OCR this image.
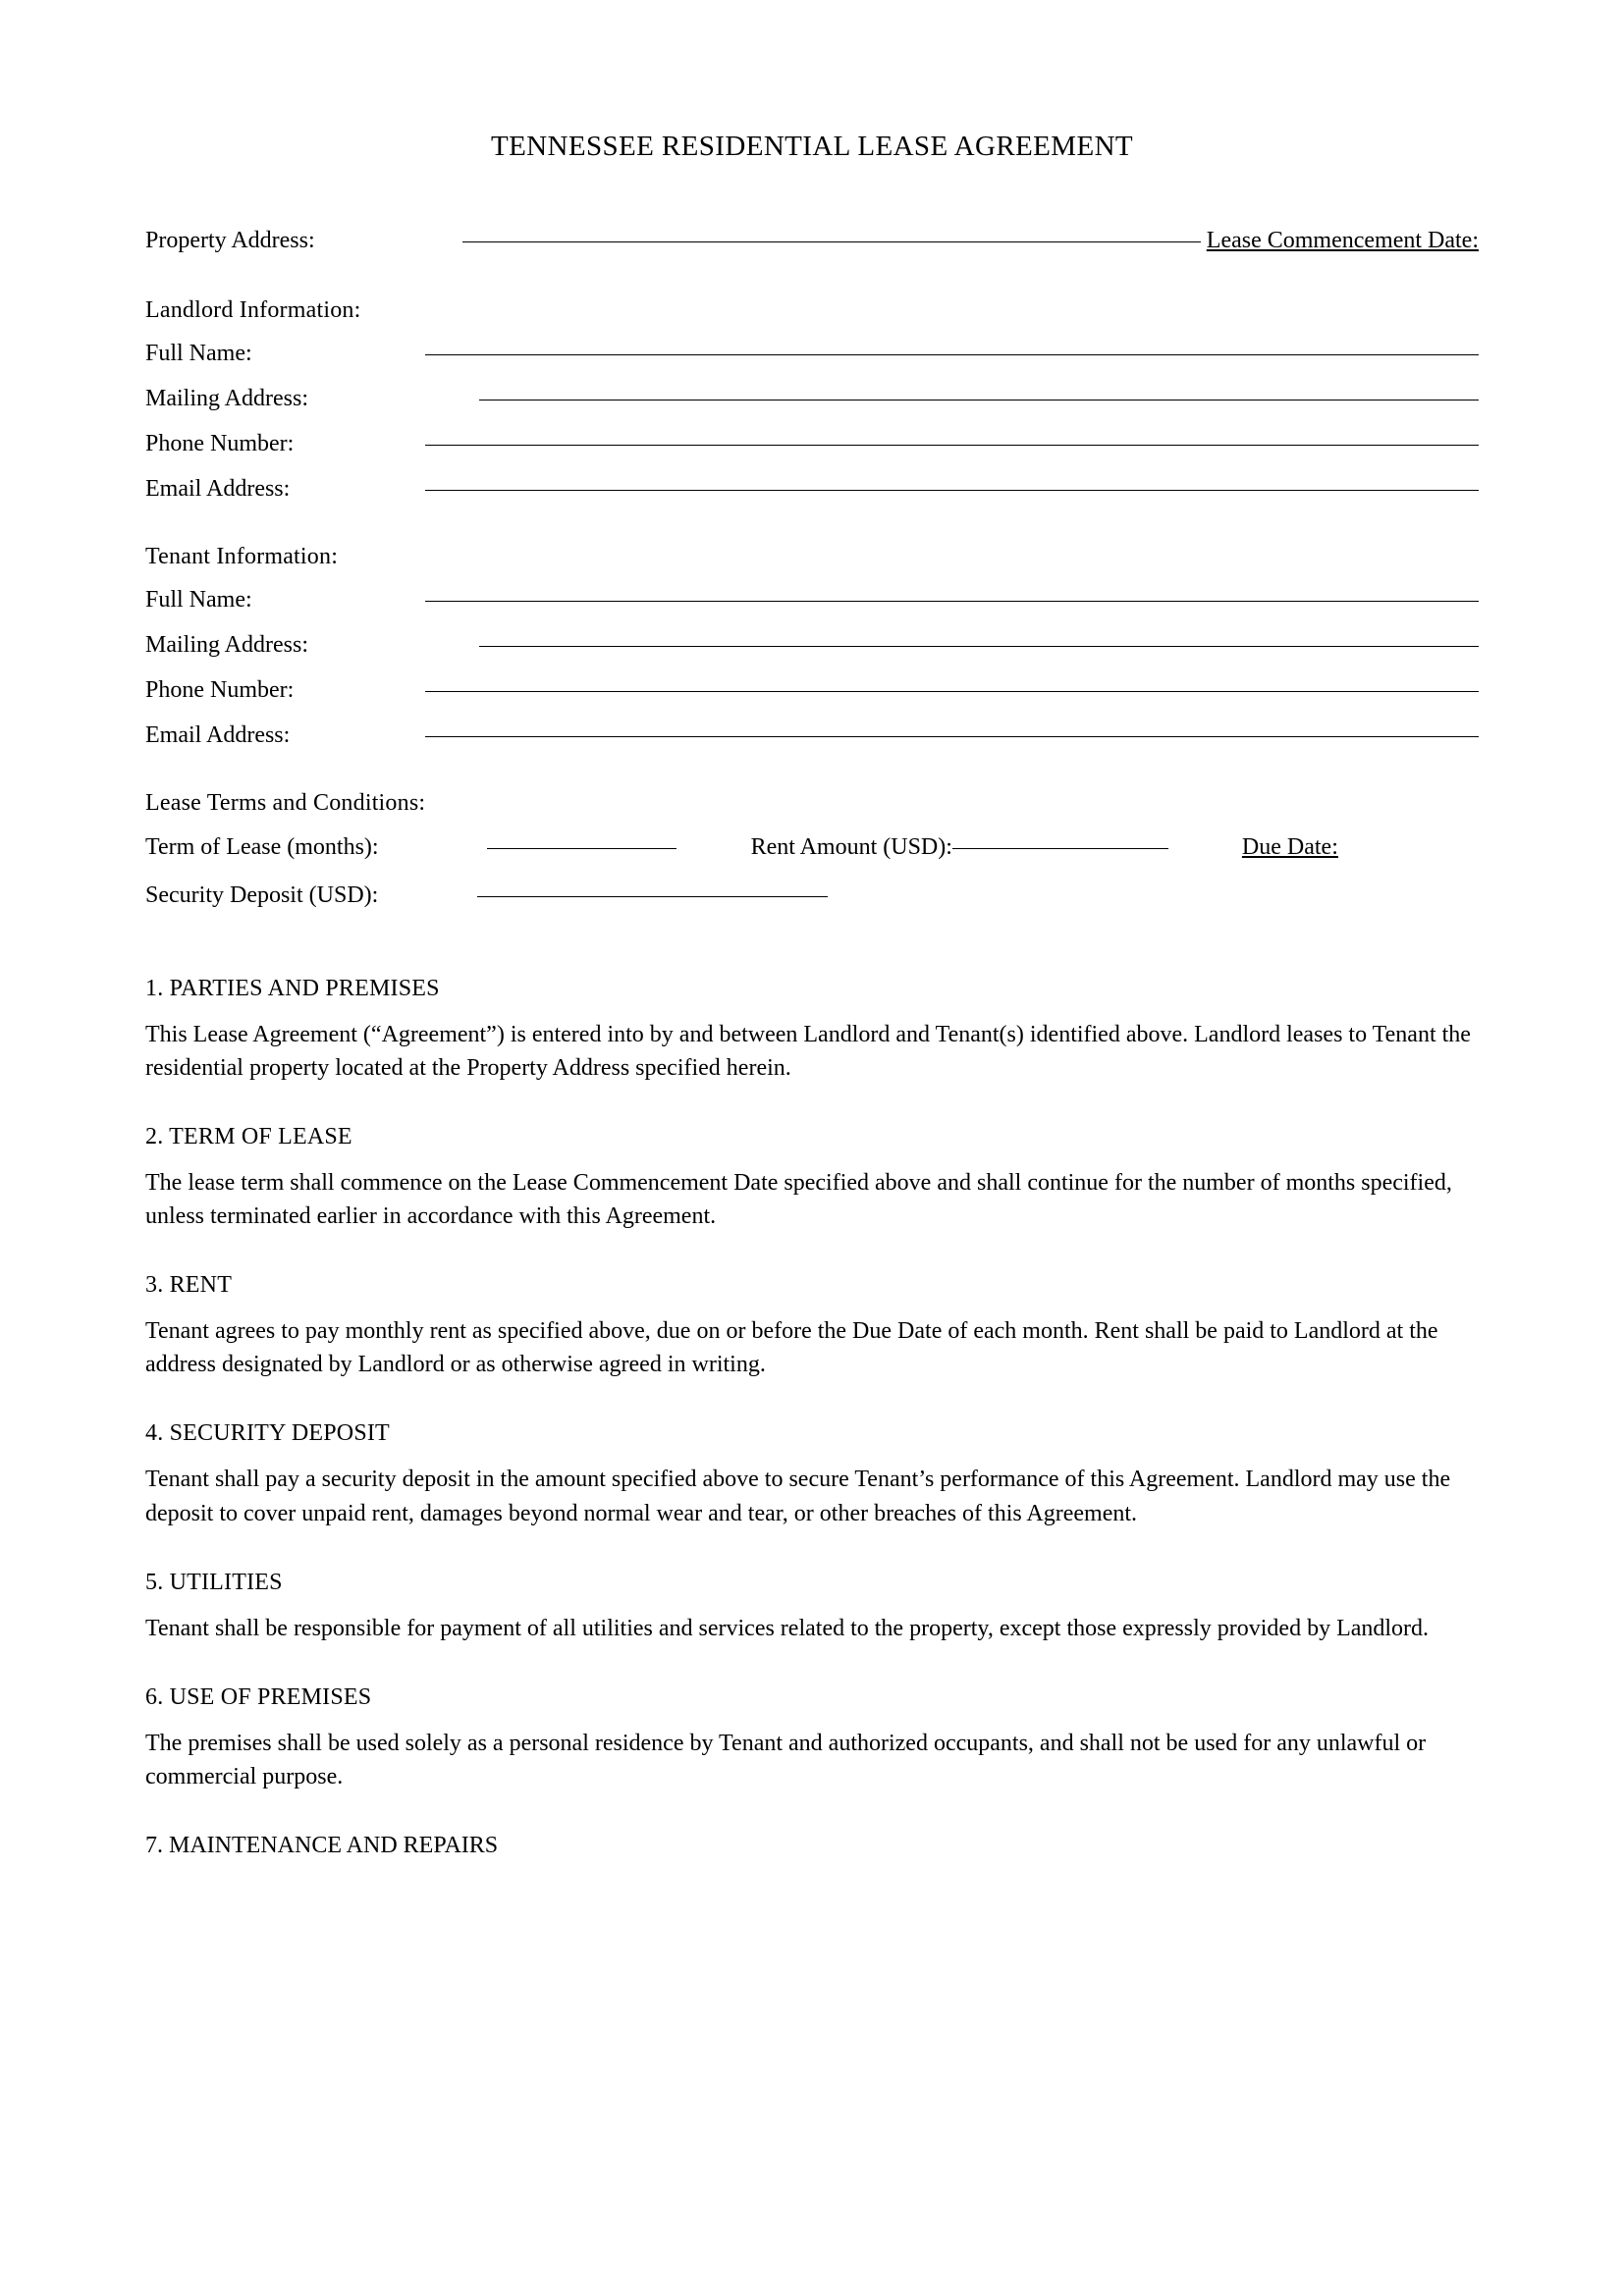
TENNESSEE RESIDENTIAL LEASE AGREEMENT
Property Address:	Lease Commencement Date:
Landlord Information:
Full Name:
Mailing Address:
Phone Number:
Email Address:
Tenant Information:
Full Name:
Mailing Address:
Phone Number:
Email Address:
Lease Terms and Conditions:
Term of Lease (months):	Rent Amount (USD):	Due Date:
Security Deposit (USD):
1. PARTIES AND PREMISES

This Lease Agreement (“Agreement”) is entered into by and between Landlord and Tenant(s) identified above. Landlord leases to Tenant the residential property located at the Property Address specified herein.

2. TERM OF LEASE

The lease term shall commence on the Lease Commencement Date specified above and shall continue for the number of months specified, unless terminated earlier in accordance with this Agreement.

3. RENT

Tenant agrees to pay monthly rent as specified above, due on or before the Due Date of each month. Rent shall be paid to Landlord at the address designated by Landlord or as otherwise agreed in writing.

4. SECURITY DEPOSIT

Tenant shall pay a security deposit in the amount specified above to secure Tenant’s performance of this Agreement. Landlord may use the deposit to cover unpaid rent, damages beyond normal wear and tear, or other breaches of this Agreement.

5. UTILITIES

Tenant shall be responsible for payment of all utilities and services related to the property, except those expressly provided by Landlord.

6. USE OF PREMISES

The premises shall be used solely as a personal residence by Tenant and authorized occupants, and shall not be used for any unlawful or commercial purpose.

7. MAINTENANCE AND REPAIRS
